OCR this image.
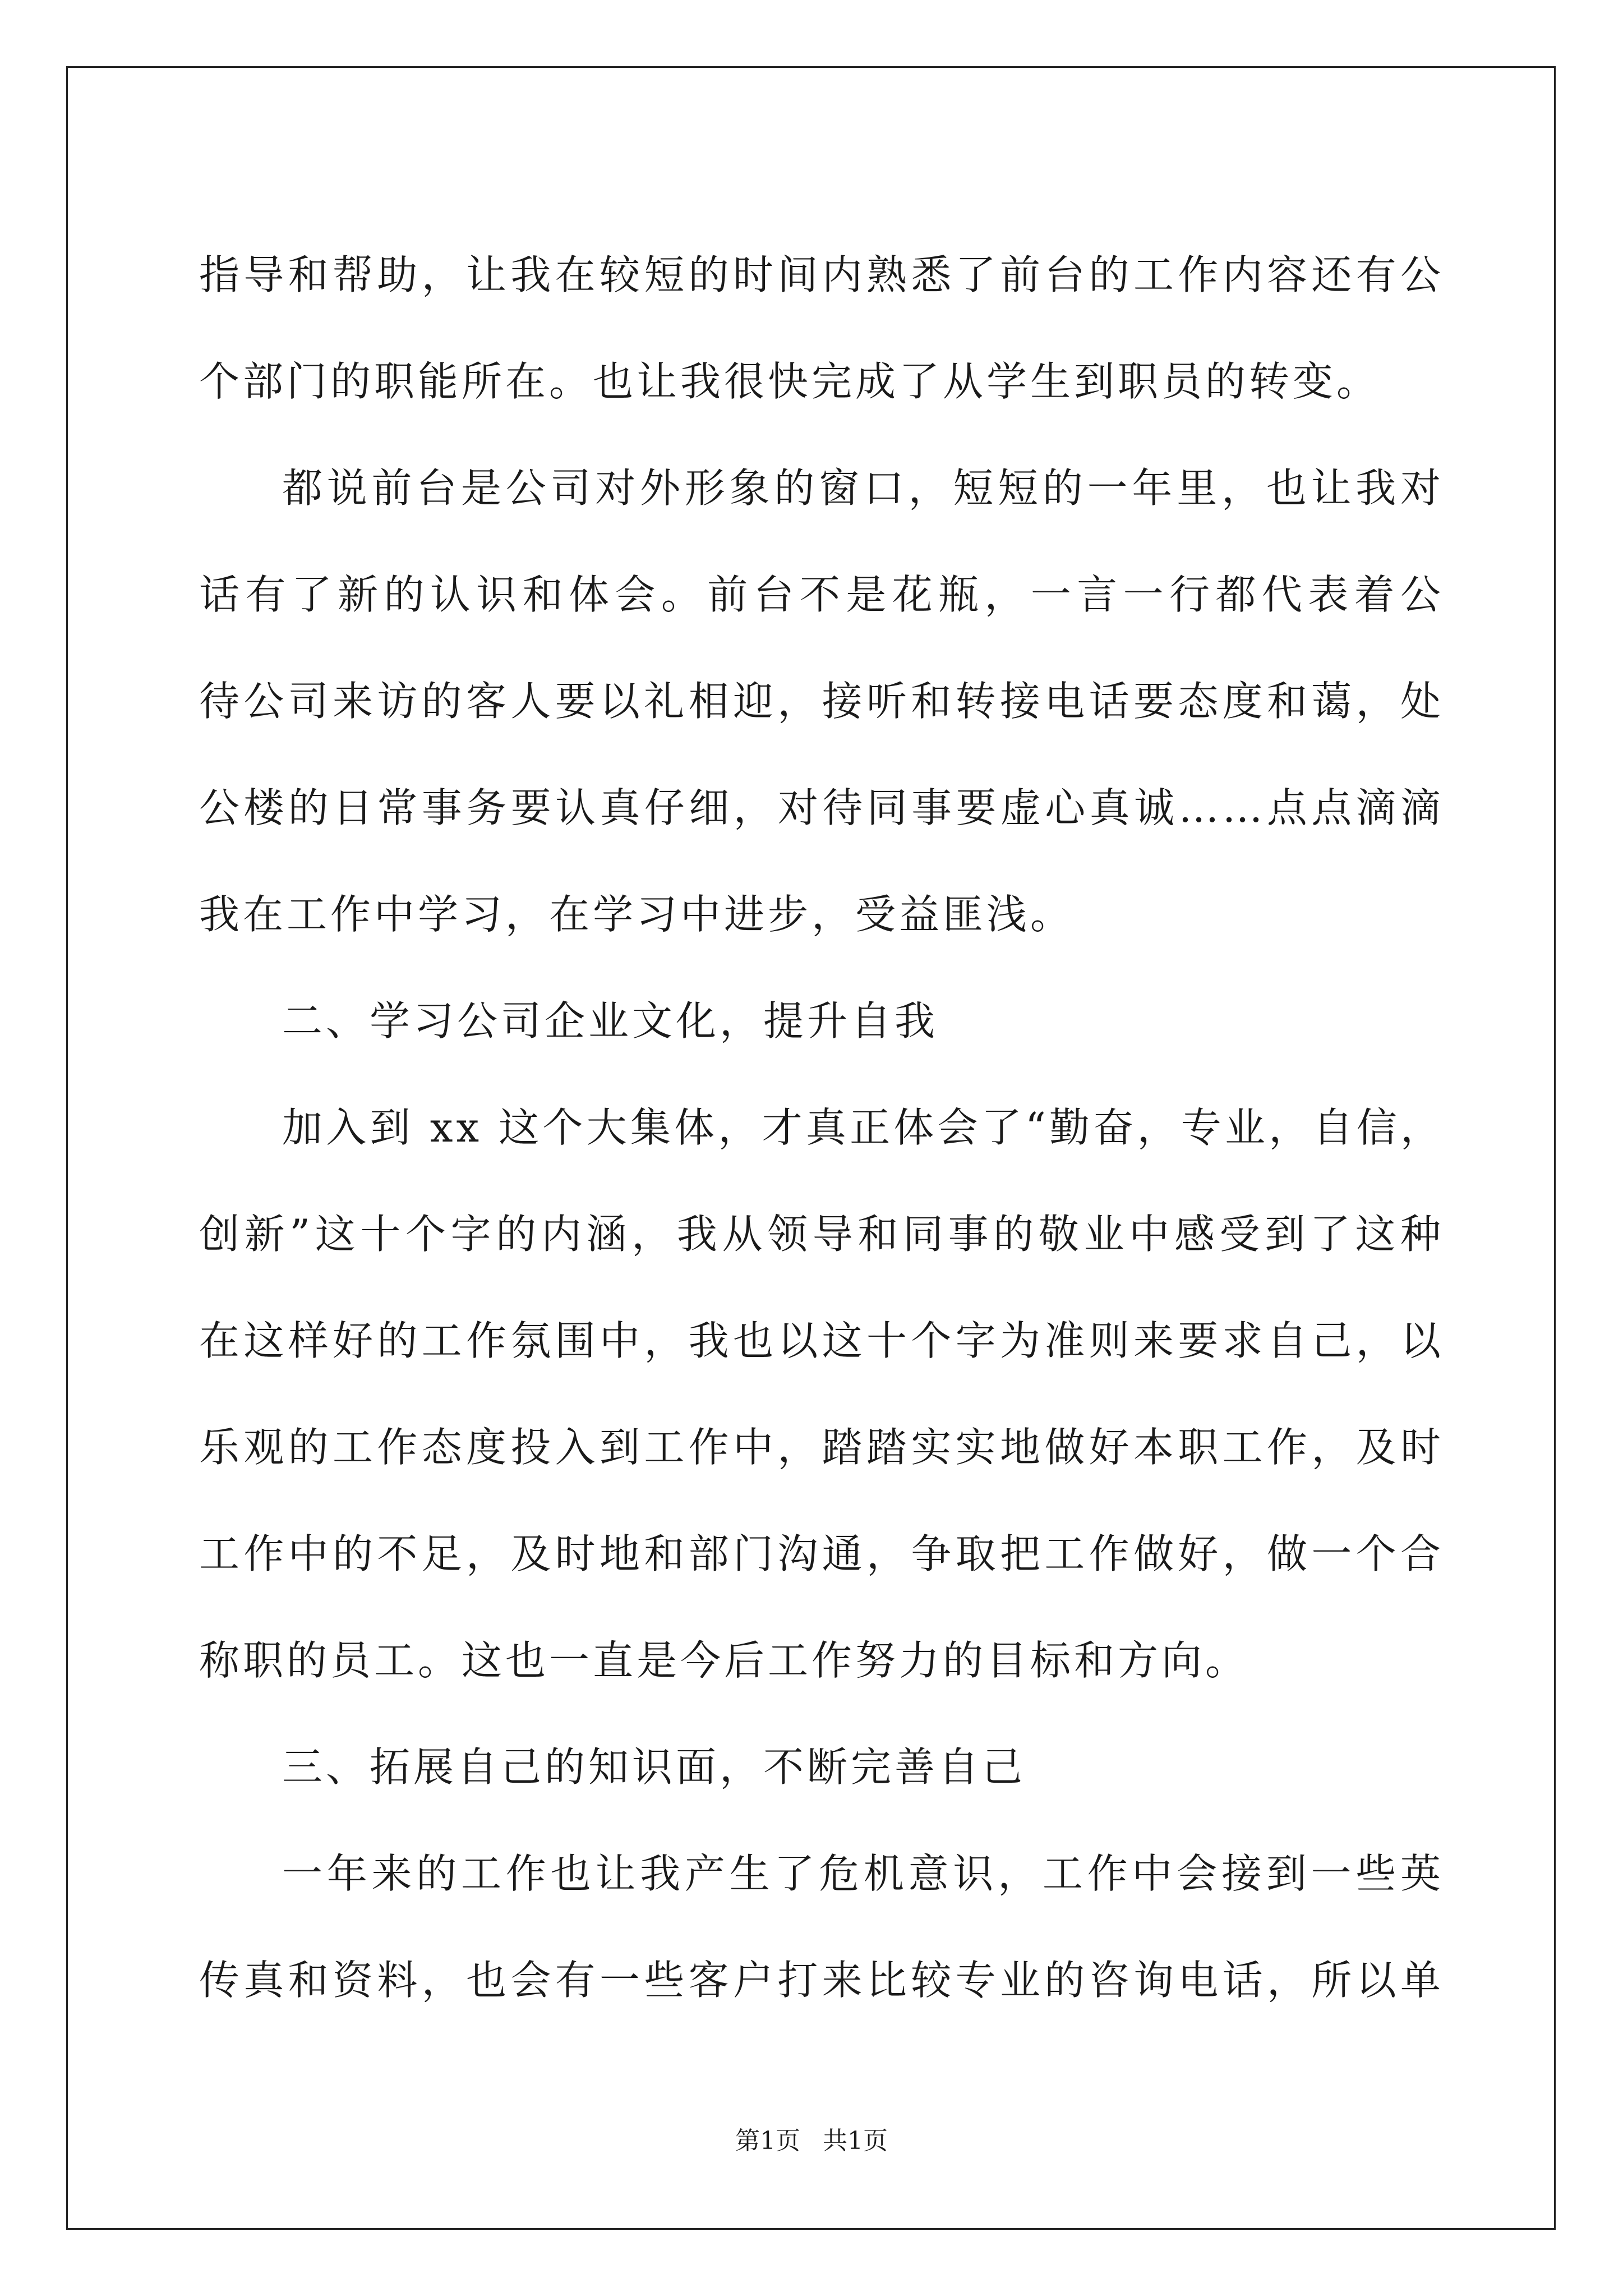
指导和帮助，让我在较短的时间内熟悉了前台的工作内容还有公
个部门的职能所在。也让我很快完成了从学生到职员的转变。
都说前台是公司对外形象的窗口，短短的一年里，也让我对
话有了新的认识和体会。前台不是花瓶，一言一行都代表着公
待公司来访的客人要以礼相迎，接听和转接电话要态度和蔼，处
公楼的日常事务要认真仔细，对待同事要虚心真诚……点点滴滴
我在工作中学习，在学习中进步，受益匪浅。
二、学习公司企业文化，提升自我
加入到 xx 这个大集体，才真正体会了“勤奋，专业，自信，
创新”这十个字的内涵，我从领导和同事的敬业中感受到了这种
在这样好的工作氛围中，我也以这十个字为准则来要求自己，以
乐观的工作态度投入到工作中，踏踏实实地做好本职工作，及时
工作中的不足，及时地和部门沟通，争取把工作做好，做一个合
称职的员工。这也一直是今后工作努力的目标和方向。
三、拓展自己的知识面，不断完善自己
一年来的工作也让我产生了危机意识，工作中会接到一些英
传真和资料，也会有一些客户打来比较专业的咨询电话，所以单
第1页 共1页
